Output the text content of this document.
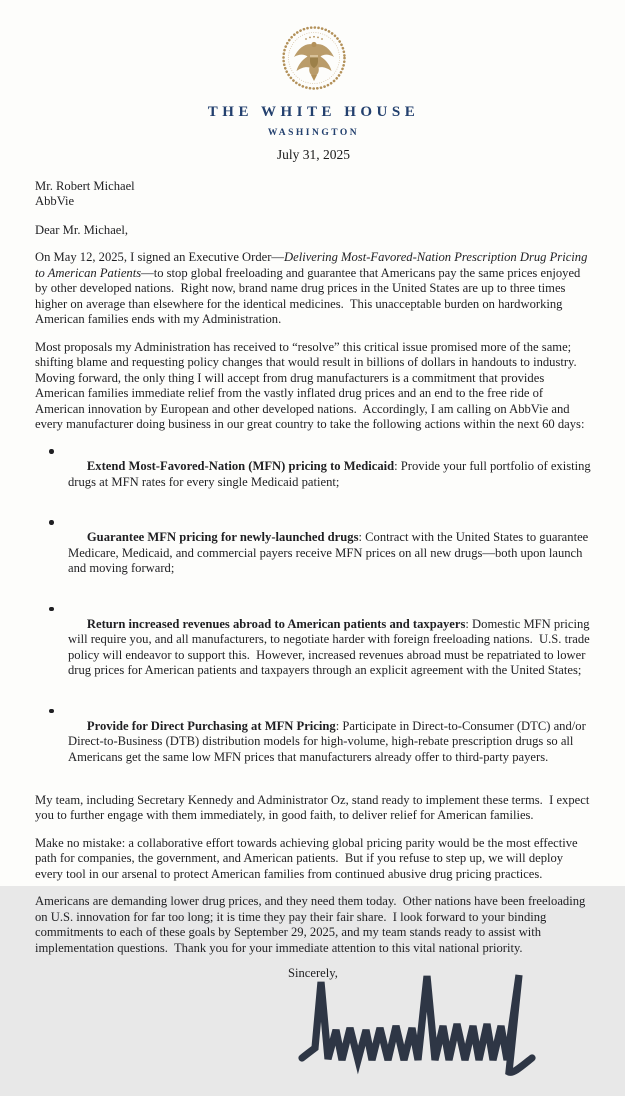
THE WHITE HOUSE
WASHINGTON
July 31, 2025
Mr. Robert Michael
AbbVie

Dear Mr. Michael,

On May 12, 2025, I signed an Executive Order—Delivering Most-Favored-Nation Prescription Drug Pricing to American Patients—to stop global freeloading and guarantee that Americans pay the same prices enjoyed by other developed nations.  Right now, brand name drug prices in the United States are up to three times higher on average than elsewhere for the identical medicines.  This unacceptable burden on hardworking American families ends with my Administration.

Most proposals my Administration has received to “resolve” this critical issue promised more of the same; shifting blame and requesting policy changes that would result in billions of dollars in handouts to industry.  Moving forward, the only thing I will accept from drug manufacturers is a commitment that provides American families immediate relief from the vastly inflated drug prices and an end to the free ride of American innovation by European and other developed nations.  Accordingly, I am calling on AbbVie and every manufacturer doing business in our great country to take the following actions within the next 60 days:

Extend Most-Favored-Nation (MFN) pricing to Medicaid: Provide your full portfolio of existing drugs at MFN rates for every single Medicaid patient;

Guarantee MFN pricing for newly-launched drugs: Contract with the United States to guarantee Medicare, Medicaid, and commercial payers receive MFN prices on all new drugs—both upon launch and moving forward;

Return increased revenues abroad to American patients and taxpayers: Domestic MFN pricing will require you, and all manufacturers, to negotiate harder with foreign freeloading nations.  U.S. trade policy will endeavor to support this.  However, increased revenues abroad must be repatriated to lower drug prices for American patients and taxpayers through an explicit agreement with the United States;

Provide for Direct Purchasing at MFN Pricing: Participate in Direct-to-Consumer (DTC) and/or Direct-to-Business (DTB) distribution models for high-volume, high-rebate prescription drugs so all Americans get the same low MFN prices that manufacturers already offer to third-party payers.

My team, including Secretary Kennedy and Administrator Oz, stand ready to implement these terms.  I expect you to further engage with them immediately, in good faith, to deliver relief for American families.

Make no mistake: a collaborative effort towards achieving global pricing parity would be the most effective path for companies, the government, and American patients.  But if you refuse to step up, we will deploy every tool in our arsenal to protect American families from continued abusive drug pricing practices.

Americans are demanding lower drug prices, and they need them today.  Other nations have been freeloading on U.S. innovation for far too long; it is time they pay their fair share.  I look forward to your binding commitments to each of these goals by September 29, 2025, and my team stands ready to assist with implementation questions.  Thank you for your immediate attention to this vital national priority.

Sincerely,
